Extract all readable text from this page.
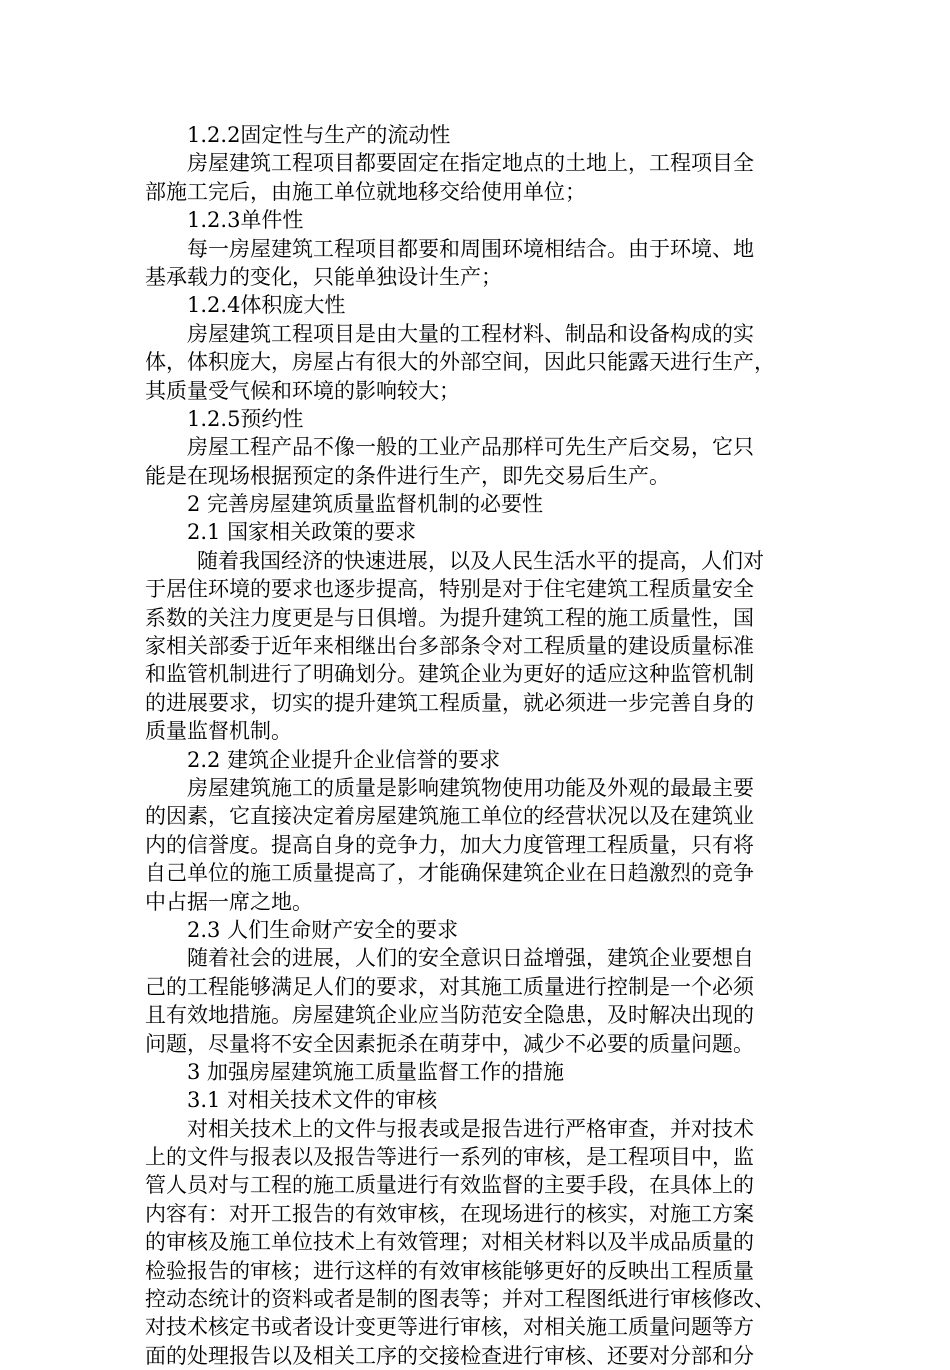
1.2.2固定性与生产的流动性
房屋建筑工程项目都要固定在指定地点的土地上，工程项目全
部施工完后，由施工单位就地移交给使用单位；
1.2.3单件性
每一房屋建筑工程项目都要和周围环境相结合。由于环境、地
基承载力的变化，只能单独设计生产；
1.2.4体积庞大性
房屋建筑工程项目是由大量的工程材料、制品和设备构成的实
体，体积庞大，房屋占有很大的外部空间，因此只能露天进行生产，
其质量受气候和环境的影响较大；
1.2.5预约性
房屋工程产品不像一般的工业产品那样可先生产后交易，它只
能是在现场根据预定的条件进行生产，即先交易后生产。
2 完善房屋建筑质量监督机制的必要性
2.1 国家相关政策的要求
随着我国经济的快速进展，以及人民生活水平的提高，人们对
于居住环境的要求也逐步提高，特别是对于住宅建筑工程质量安全
系数的关注力度更是与日俱增。为提升建筑工程的施工质量性，国
家相关部委于近年来相继出台多部条令对工程质量的建设质量标准
和监管机制进行了明确划分。建筑企业为更好的适应这种监管机制
的进展要求，切实的提升建筑工程质量，就必须进一步完善自身的
质量监督机制。
2.2 建筑企业提升企业信誉的要求
房屋建筑施工的质量是影响建筑物使用功能及外观的最最主要
的因素，它直接决定着房屋建筑施工单位的经营状况以及在建筑业
内的信誉度。提高自身的竞争力，加大力度管理工程质量，只有将
自己单位的施工质量提高了，才能确保建筑企业在日趋激烈的竞争
中占据一席之地。
2.3 人们生命财产安全的要求
随着社会的进展，人们的安全意识日益增强，建筑企业要想自
己的工程能够满足人们的要求，对其施工质量进行控制是一个必须
且有效地措施。房屋建筑企业应当防范安全隐患，及时解决出现的
问题，尽量将不安全因素扼杀在萌芽中，减少不必要的质量问题。
3 加强房屋建筑施工质量监督工作的措施
3.1 对相关技术文件的审核
对相关技术上的文件与报表或是报告进行严格审查，并对技术
上的文件与报表以及报告等进行一系列的审核，是工程项目中，监
管人员对与工程的施工质量进行有效监督的主要手段，在具体上的
内容有：对开工报告的有效审核，在现场进行的核实，对施工方案
的审核及施工单位技术上有效管理；对相关材料以及半成品质量的
检验报告的审核；进行这样的有效审核能够更好的反映出工程质量
控动态统计的资料或者是制的图表等；并对工程图纸进行审核修改、
对技术核定书或者设计变更等进行审核，对相关施工质量问题等方
面的处理报告以及相关工序的交接检查进行审核、还要对分部和分
